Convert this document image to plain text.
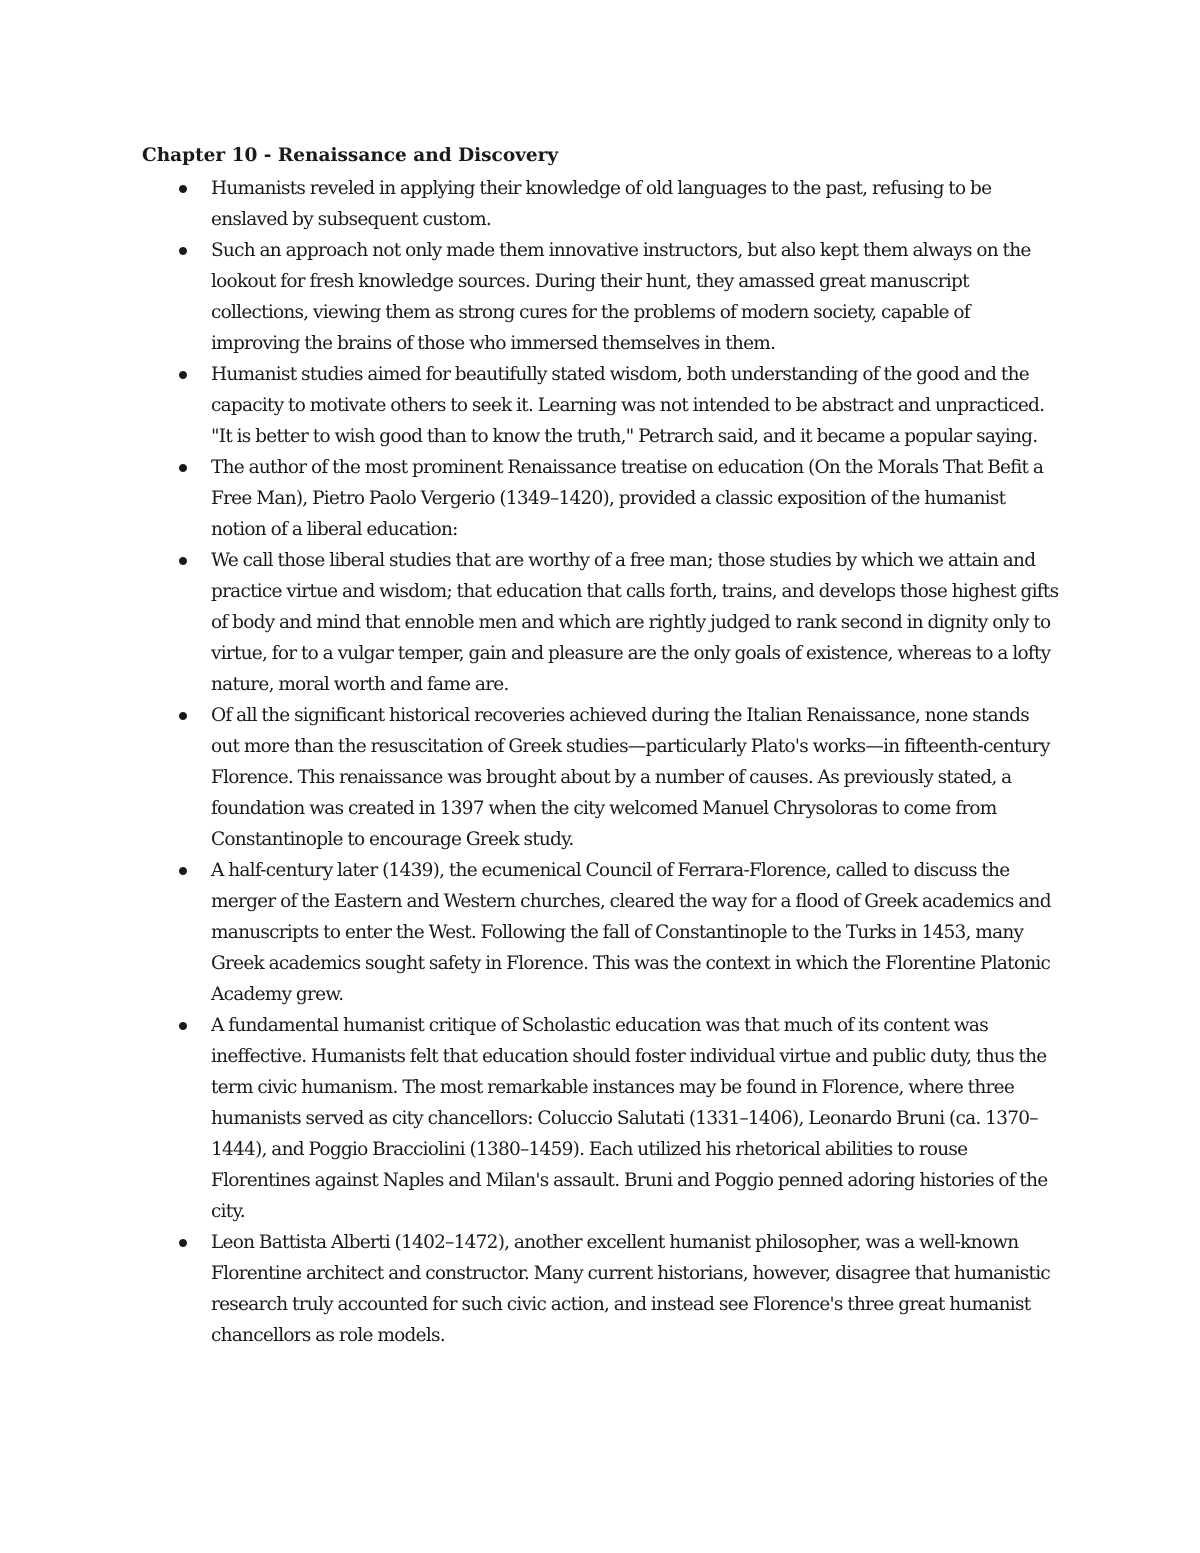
Chapter 10 - Renaissance and Discovery
Humanists reveled in applying their knowledge of old languages to the past, refusing to be enslaved by subsequent custom.
Such an approach not only made them innovative instructors, but also kept them always on the lookout for fresh knowledge sources. During their hunt, they amassed great manuscript collections, viewing them as strong cures for the problems of modern society, capable of improving the brains of those who immersed themselves in them.
Humanist studies aimed for beautifully stated wisdom, both understanding of the good and the capacity to motivate others to seek it. Learning was not intended to be abstract and unpracticed. "It is better to wish good than to know the truth," Petrarch said, and it became a popular saying.
The author of the most prominent Renaissance treatise on education (On the Morals That Befit a Free Man), Pietro Paolo Vergerio (1349–1420), provided a classic exposition of the humanist notion of a liberal education:
We call those liberal studies that are worthy of a free man; those studies by which we attain and practice virtue and wisdom; that education that calls forth, trains, and develops those highest gifts of body and mind that ennoble men and which are rightly judged to rank second in dignity only to virtue, for to a vulgar temper, gain and pleasure are the only goals of existence, whereas to a lofty nature, moral worth and fame are.
Of all the significant historical recoveries achieved during the Italian Renaissance, none stands out more than the resuscitation of Greek studies—particularly Plato's works—in fifteenth-century Florence. This renaissance was brought about by a number of causes. As previously stated, a foundation was created in 1397 when the city welcomed Manuel Chrysoloras to come from Constantinople to encourage Greek study.
A half-century later (1439), the ecumenical Council of Ferrara-Florence, called to discuss the merger of the Eastern and Western churches, cleared the way for a flood of Greek academics and manuscripts to enter the West. Following the fall of Constantinople to the Turks in 1453, many Greek academics sought safety in Florence. This was the context in which the Florentine Platonic Academy grew.
A fundamental humanist critique of Scholastic education was that much of its content was ineffective. Humanists felt that education should foster individual virtue and public duty, thus the term civic humanism. The most remarkable instances may be found in Florence, where three humanists served as city chancellors: Coluccio Salutati (1331–1406), Leonardo Bruni (ca. 1370–1444), and Poggio Bracciolini (1380–1459). Each utilized his rhetorical abilities to rouse Florentines against Naples and Milan's assault. Bruni and Poggio penned adoring histories of the city.
Leon Battista Alberti (1402–1472), another excellent humanist philosopher, was a well-known Florentine architect and constructor. Many current historians, however, disagree that humanistic research truly accounted for such civic action, and instead see Florence's three great humanist chancellors as role models.
